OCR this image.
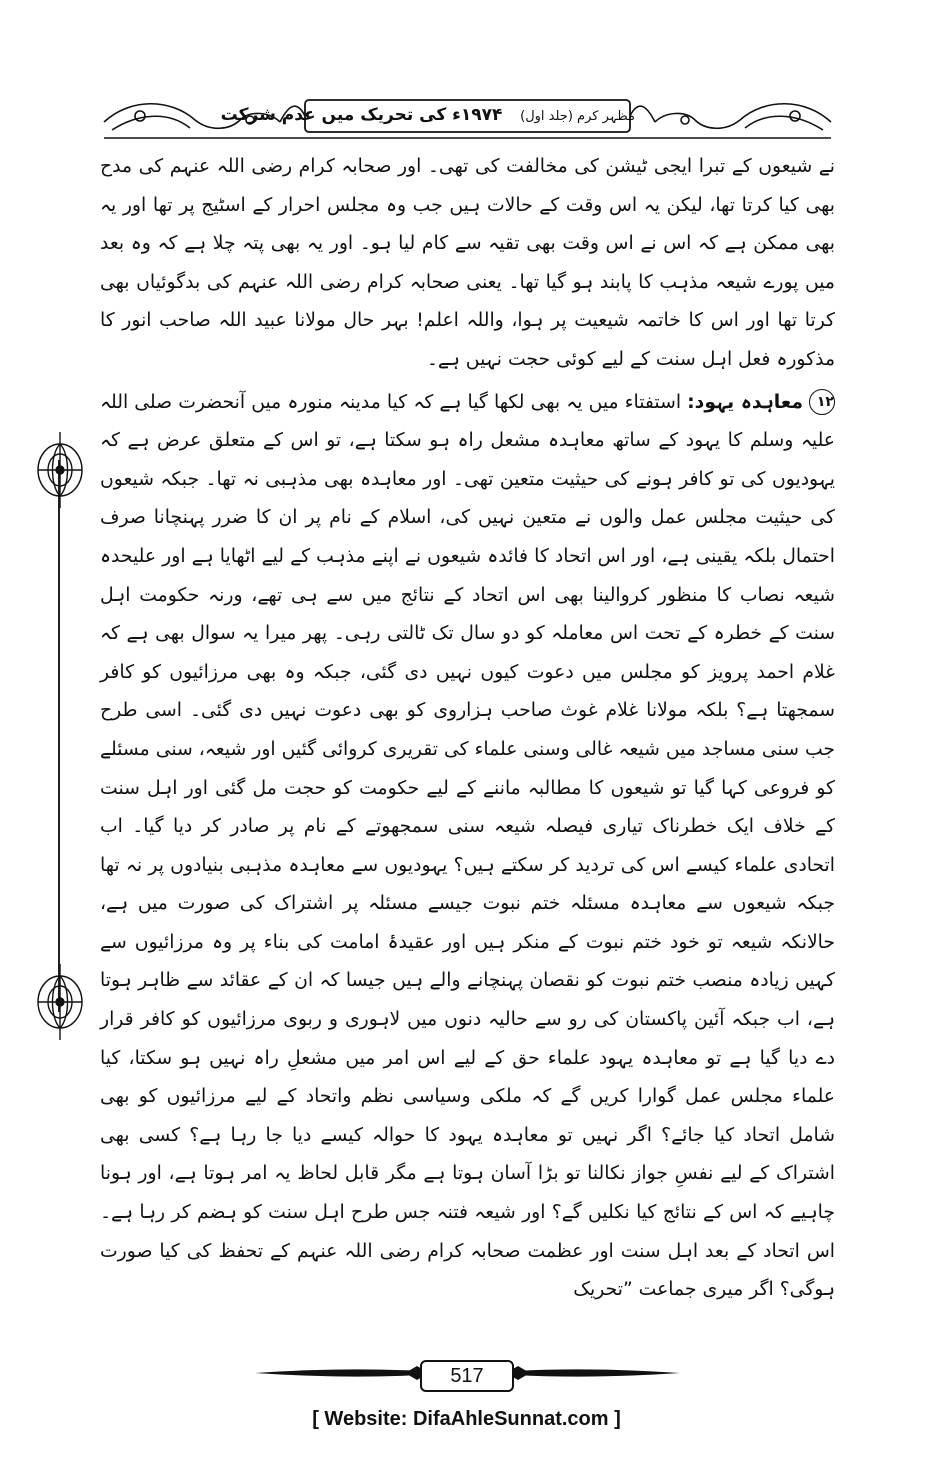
مظہر کرم (جلد اول)   ۱۹۷۴ء کی تحریک میں عدم شرکت

نے شیعوں کے تبرا ایجی ٹیشن کی مخالفت کی تھی۔ اور صحابہ کرام رضی اللہ عنہم کی مدح بھی کیا کرتا تھا، لیکن یہ اس وقت کے حالات ہیں جب وہ مجلس احرار کے اسٹیج پر تھا اور یہ بھی ممکن ہے کہ اس نے اس وقت بھی تقیہ سے کام لیا ہو۔ اور یہ بھی پتہ چلا ہے کہ وہ بعد میں پورے شیعہ مذہب کا پابند ہو گیا تھا۔ یعنی صحابہ کرام رضی اللہ عنہم کی بدگوئیاں بھی کرتا تھا اور اس کا خاتمہ شیعیت پر ہوا، واللہ اعلم! بہر حال مولانا عبید اللہ صاحب انور کا مذکورہ فعل اہل سنت کے لیے کوئی حجت نہیں ہے۔

۱۲معاہدہ یہود: استفتاء میں یہ بھی لکھا گیا ہے کہ کیا مدینہ منورہ میں آنحضرت صلی اللہ علیہ وسلم کا یہود کے ساتھ معاہدہ مشعل راہ ہو سکتا ہے، تو اس کے متعلق عرض ہے کہ یہودیوں کی تو کافر ہونے کی حیثیت متعین تھی۔ اور معاہدہ بھی مذہبی نہ تھا۔ جبکہ شیعوں کی حیثیت مجلس عمل والوں نے متعین نہیں کی، اسلام کے نام پر ان کا ضرر پہنچانا صرف احتمال بلکہ یقینی ہے، اور اس اتحاد کا فائدہ شیعوں نے اپنے مذہب کے لیے اٹھایا ہے اور علیحدہ شیعہ نصاب کا منظور کروالینا بھی اس اتحاد کے نتائج میں سے ہی تھے، ورنہ حکومت اہل سنت کے خطرہ کے تحت اس معاملہ کو دو سال تک ٹالتی رہی۔ پھر میرا یہ سوال بھی ہے کہ غلام احمد پرویز کو مجلس میں دعوت کیوں نہیں دی گئی، جبکہ وہ بھی مرزائیوں کو کافر سمجھتا ہے؟ بلکہ مولانا غلام غوث صاحب ہزاروی کو بھی دعوت نہیں دی گئی۔ اسی طرح جب سنی مساجد میں شیعہ غالی وسنی علماء کی تقریری کروائی گئیں اور شیعہ، سنی مسئلے کو فروعی کہا گیا تو شیعوں کا مطالبہ ماننے کے لیے حکومت کو حجت مل گئی اور اہل سنت کے خلاف ایک خطرناک تیاری فیصلہ شیعہ سنی سمجھوتے کے نام پر صادر کر دیا گیا۔ اب اتحادی علماء کیسے اس کی تردید کر سکتے ہیں؟ یہودیوں سے معاہدہ مذہبی بنیادوں پر نہ تھا جبکہ شیعوں سے معاہدہ مسئلہ ختم نبوت جیسے مسئلہ پر اشتراک کی صورت میں ہے، حالانکہ شیعہ تو خود ختم نبوت کے منکر ہیں اور عقیدۂ امامت کی بناء پر وہ مرزائیوں سے کہیں زیادہ منصب ختم نبوت کو نقصان پہنچانے والے ہیں جیسا کہ ان کے عقائد سے ظاہر ہوتا ہے، اب جبکہ آئین پاکستان کی رو سے حالیہ دنوں میں لاہوری و ربوی مرزائیوں کو کافر قرار دے دیا گیا ہے تو معاہدہ یہود علماء حق کے لیے اس امر میں مشعلِ راہ نہیں ہو سکتا، کیا علماء مجلس عمل گوارا کریں گے کہ ملکی وسیاسی نظم واتحاد کے لیے مرزائیوں کو بھی شامل اتحاد کیا جائے؟ اگر نہیں تو معاہدہ یہود کا حوالہ کیسے دیا جا رہا ہے؟ کسی بھی اشتراک کے لیے نفسِ جواز نکالنا تو بڑا آسان ہوتا ہے مگر قابل لحاظ یہ امر ہوتا ہے، اور ہونا چاہیے کہ اس کے نتائج کیا نکلیں گے؟ اور شیعہ فتنہ جس طرح اہل سنت کو ہضم کر رہا ہے۔ اس اتحاد کے بعد اہل سنت اور عظمت صحابہ کرام رضی اللہ عنہم کے تحفظ کی کیا صورت ہوگی؟ اگر میری جماعت ”تحریک

517
[ Website: DifaAhleSunnat.com ]
